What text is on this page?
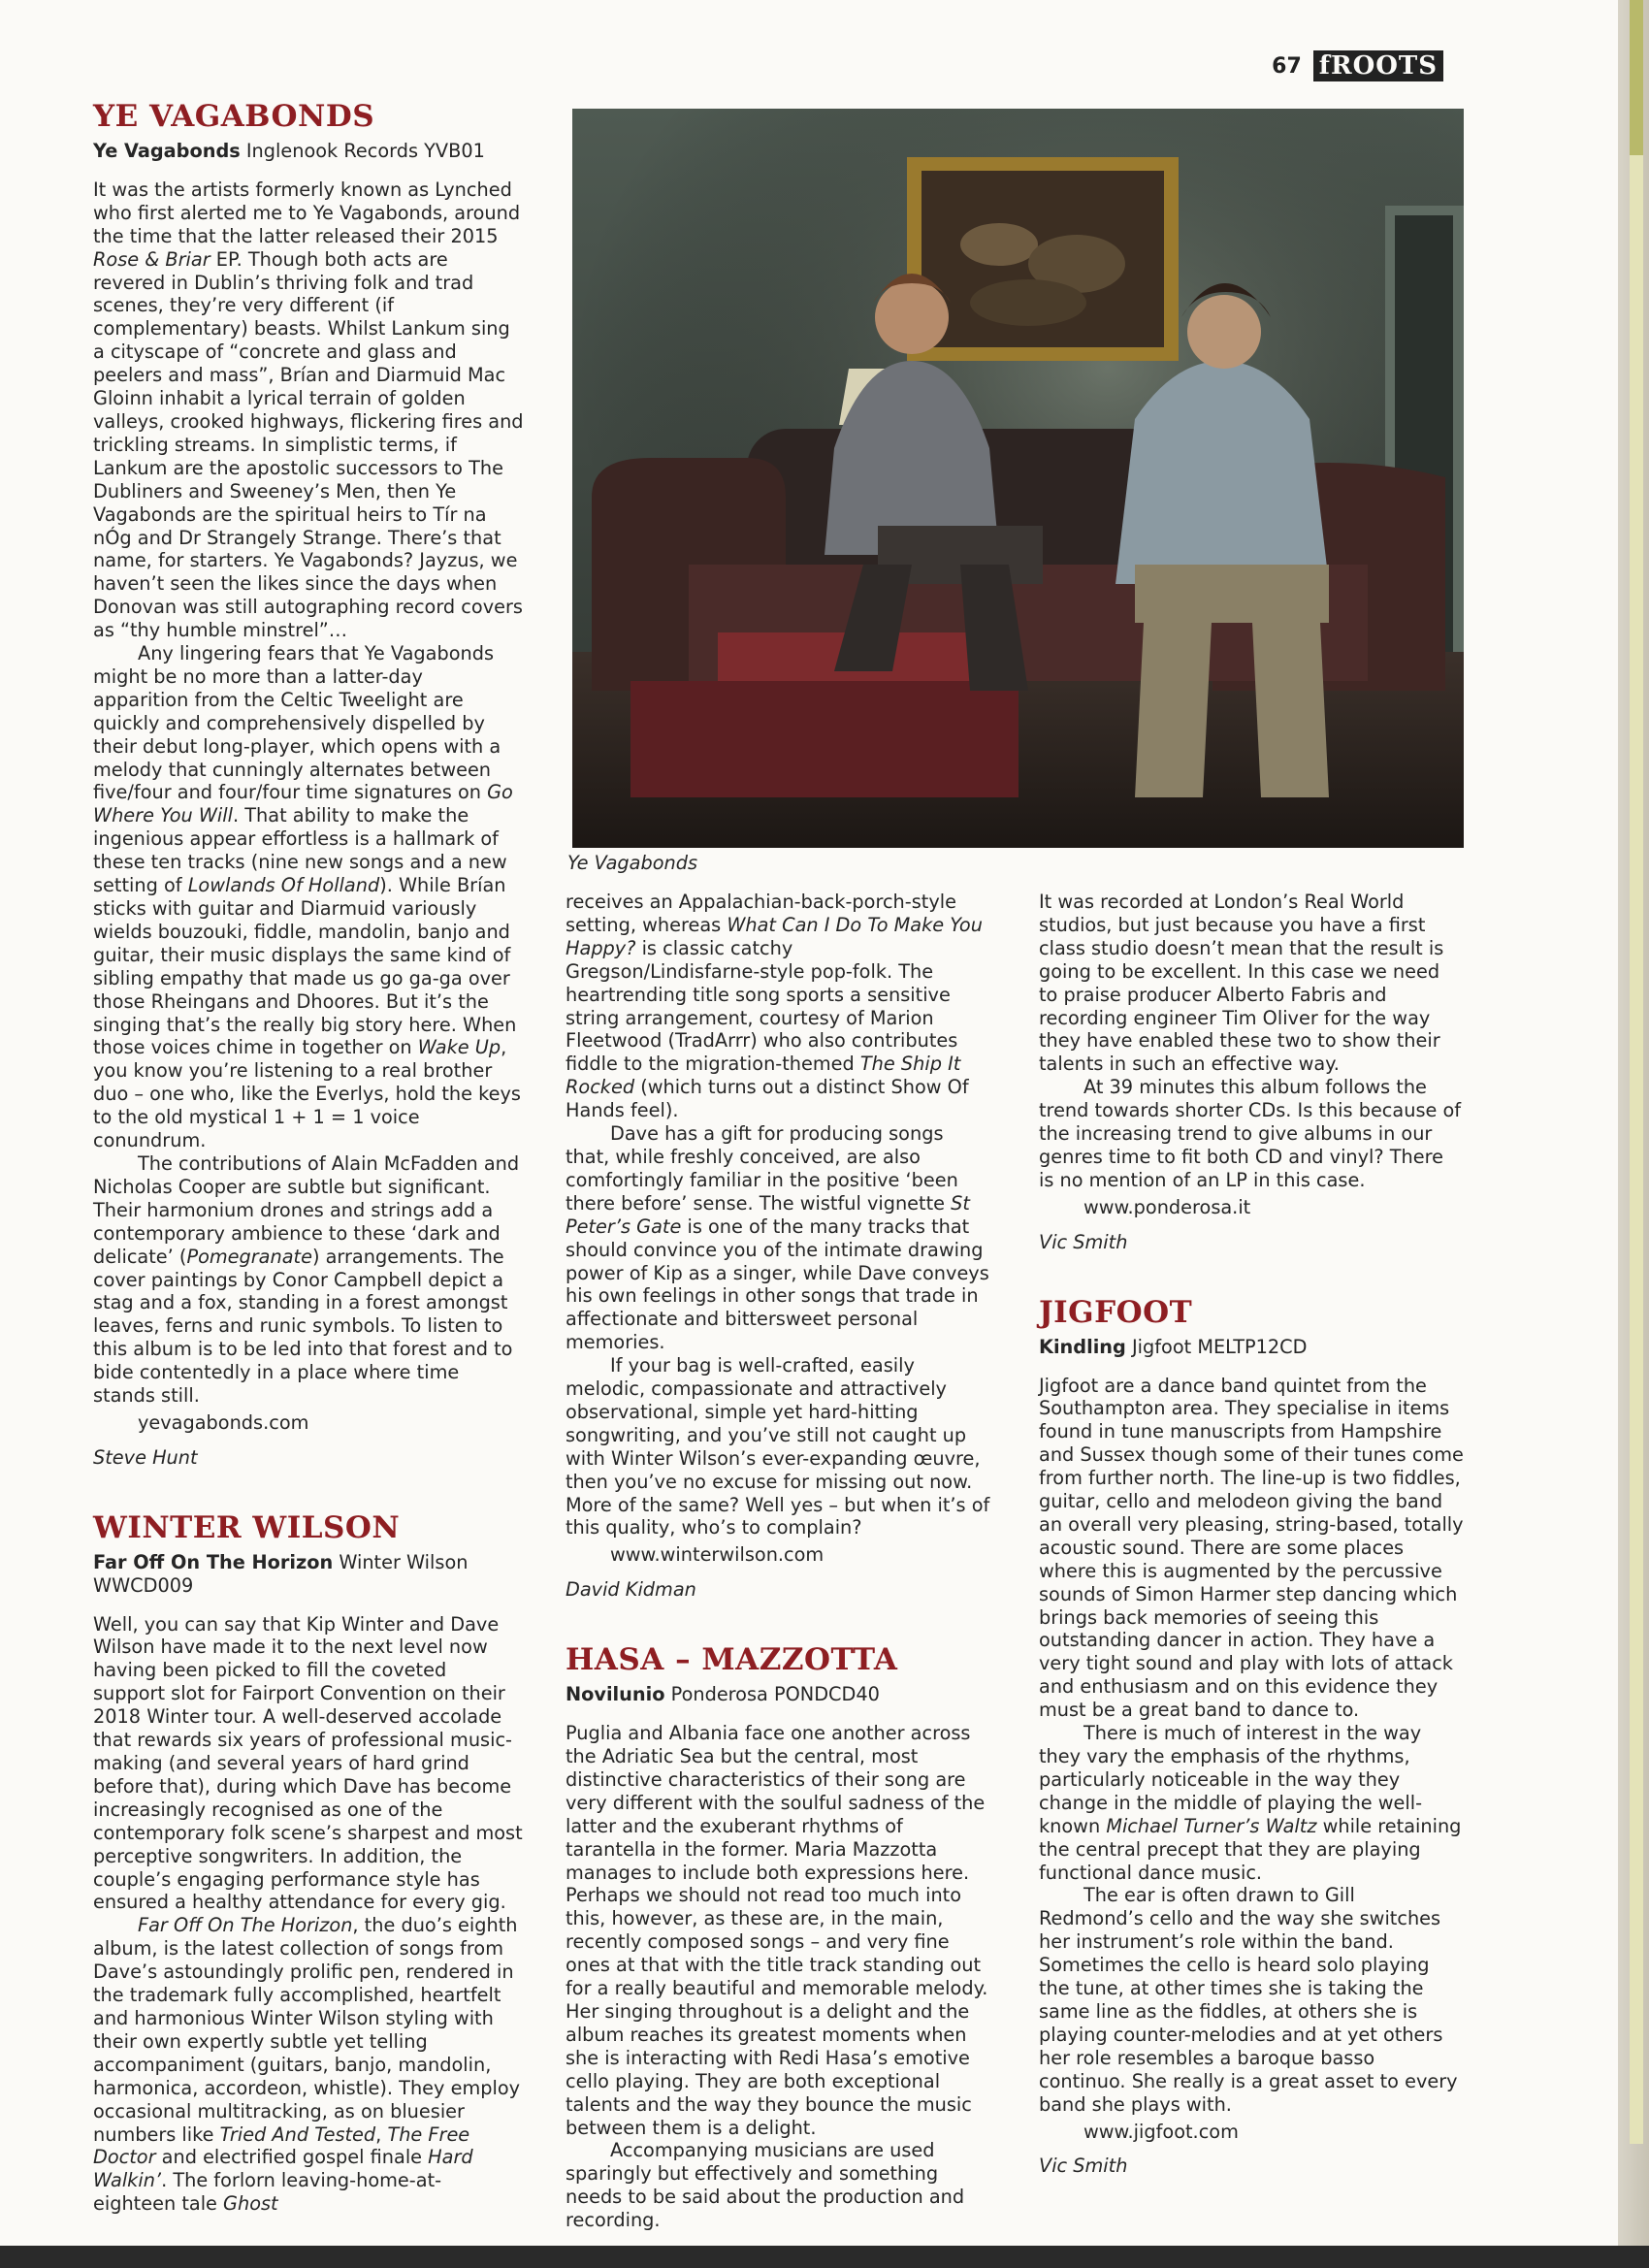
67 fROOTS
YE VAGABONDS
Ye Vagabonds Inglenook Records YVB01

It was the artists formerly known as Lynched who first alerted me to Ye Vagabonds, around the time that the latter released their 2015 Rose & Briar EP. Though both acts are revered in Dublin’s thriving folk and trad scenes, they’re very different (if complementary) beasts. Whilst Lankum sing a cityscape of “concrete and glass and peelers and mass”, Brían and Diarmuid Mac Gloinn inhabit a lyrical terrain of golden valleys, crooked highways, flickering fires and trickling streams. In simplistic terms, if Lankum are the apostolic successors to The Dubliners and Sweeney’s Men, then Ye Vagabonds are the spiritual heirs to Tír na nÓg and Dr Strangely Strange. There’s that name, for starters. Ye Vagabonds? Jayzus, we haven’t seen the likes since the days when Donovan was still autographing record covers as “thy humble minstrel”…

Any lingering fears that Ye Vagabonds might be no more than a latter-day apparition from the Celtic Tweelight are quickly and comprehensively dispelled by their debut long-player, which opens with a melody that cunningly alternates between five/four and four/four time signatures on Go Where You Will. That ability to make the ingenious appear effortless is a hallmark of these ten tracks (nine new songs and a new setting of Lowlands Of Holland). While Brían sticks with guitar and Diarmuid variously wields bouzouki, fiddle, mandolin, banjo and guitar, their music displays the same kind of sibling empathy that made us go ga-ga over those Rheingans and Dhoores. But it’s the singing that’s the really big story here. When those voices chime in together on Wake Up, you know you’re listening to a real brother duo – one who, like the Everlys, hold the keys to the old mystical 1 + 1 = 1 voice conundrum.

The contributions of Alain McFadden and Nicholas Cooper are subtle but significant. Their harmonium drones and strings add a contemporary ambience to these ‘dark and delicate’ (Pomegranate) arrangements. The cover paintings by Conor Campbell depict a stag and a fox, standing in a forest amongst leaves, ferns and runic symbols. To listen to this album is to be led into that forest and to bide contentedly in a place where time stands still.

yevagabonds.com

Steve Hunt

WINTER WILSON
Far Off On The Horizon Winter Wilson WWCD009

Well, you can say that Kip Winter and Dave Wilson have made it to the next level now having been picked to fill the coveted support slot for Fairport Convention on their 2018 Winter tour. A well-deserved accolade that rewards six years of professional music-making (and several years of hard grind before that), during which Dave has become increasingly recognised as one of the contemporary folk scene’s sharpest and most perceptive songwriters. In addition, the couple’s engaging performance style has ensured a healthy attendance for every gig.

Far Off On The Horizon, the duo’s eighth album, is the latest collection of songs from Dave’s astoundingly prolific pen, rendered in the trademark fully accomplished, heartfelt and harmonious Winter Wilson styling with their own expertly subtle yet telling accompaniment (guitars, banjo, mandolin, harmonica, accordeon, whistle). They employ occasional multitracking, as on bluesier numbers like Tried And Tested, The Free Doctor and electrified gospel finale Hard Walkin’. The forlorn leaving-home-at-eighteen tale Ghost

Ye Vagabonds

receives an Appalachian-back-porch-style setting, whereas What Can I Do To Make You Happy? is classic catchy Gregson/Lindisfarne-style pop-folk. The heartrending title song sports a sensitive string arrangement, courtesy of Marion Fleetwood (TradArrr) who also contributes fiddle to the migration-themed The Ship It Rocked (which turns out a distinct Show Of Hands feel).

Dave has a gift for producing songs that, while freshly conceived, are also comfortingly familiar in the positive ‘been there before’ sense. The wistful vignette St Peter’s Gate is one of the many tracks that should convince you of the intimate drawing power of Kip as a singer, while Dave conveys his own feelings in other songs that trade in affectionate and bittersweet personal memories.

If your bag is well-crafted, easily melodic, compassionate and attractively observational, simple yet hard-hitting songwriting, and you’ve still not caught up with Winter Wilson’s ever-expanding œuvre, then you’ve no excuse for missing out now. More of the same? Well yes – but when it’s of this quality, who’s to complain?

www.winterwilson.com

David Kidman

HASA – MAZZOTTA
Novilunio Ponderosa PONDCD40

Puglia and Albania face one another across the Adriatic Sea but the central, most distinctive characteristics of their song are very different with the soulful sadness of the latter and the exuberant rhythms of tarantella in the former. Maria Mazzotta manages to include both expressions here. Perhaps we should not read too much into this, however, as these are, in the main, recently composed songs – and very fine ones at that with the title track standing out for a really beautiful and memorable melody. Her singing throughout is a delight and the album reaches its greatest moments when she is interacting with Redi Hasa’s emotive cello playing. They are both exceptional talents and the way they bounce the music between them is a delight.

Accompanying musicians are used sparingly but effectively and something needs to be said about the production and recording.

It was recorded at London’s Real World studios, but just because you have a first class studio doesn’t mean that the result is going to be excellent. In this case we need to praise producer Alberto Fabris and recording engineer Tim Oliver for the way they have enabled these two to show their talents in such an effective way.

At 39 minutes this album follows the trend towards shorter CDs. Is this because of the increasing trend to give albums in our genres time to fit both CD and vinyl? There is no mention of an LP in this case.

www.ponderosa.it

Vic Smith

JIGFOOT
Kindling Jigfoot MELTP12CD

Jigfoot are a dance band quintet from the Southampton area. They specialise in items found in tune manuscripts from Hampshire and Sussex though some of their tunes come from further north. The line-up is two fiddles, guitar, cello and melodeon giving the band an overall very pleasing, string-based, totally acoustic sound. There are some places where this is augmented by the percussive sounds of Simon Harmer step dancing which brings back memories of seeing this outstanding dancer in action. They have a very tight sound and play with lots of attack and enthusiasm and on this evidence they must be a great band to dance to.

There is much of interest in the way they vary the emphasis of the rhythms, particularly noticeable in the way they change in the middle of playing the well-known Michael Turner’s Waltz while retaining the central precept that they are playing functional dance music.

The ear is often drawn to Gill Redmond’s cello and the way she switches her instrument’s role within the band. Sometimes the cello is heard solo playing the tune, at other times she is taking the same line as the fiddles, at others she is playing counter-melodies and at yet others her role resembles a baroque basso continuo. She really is a great asset to every band she plays with.

www.jigfoot.com

Vic Smith
